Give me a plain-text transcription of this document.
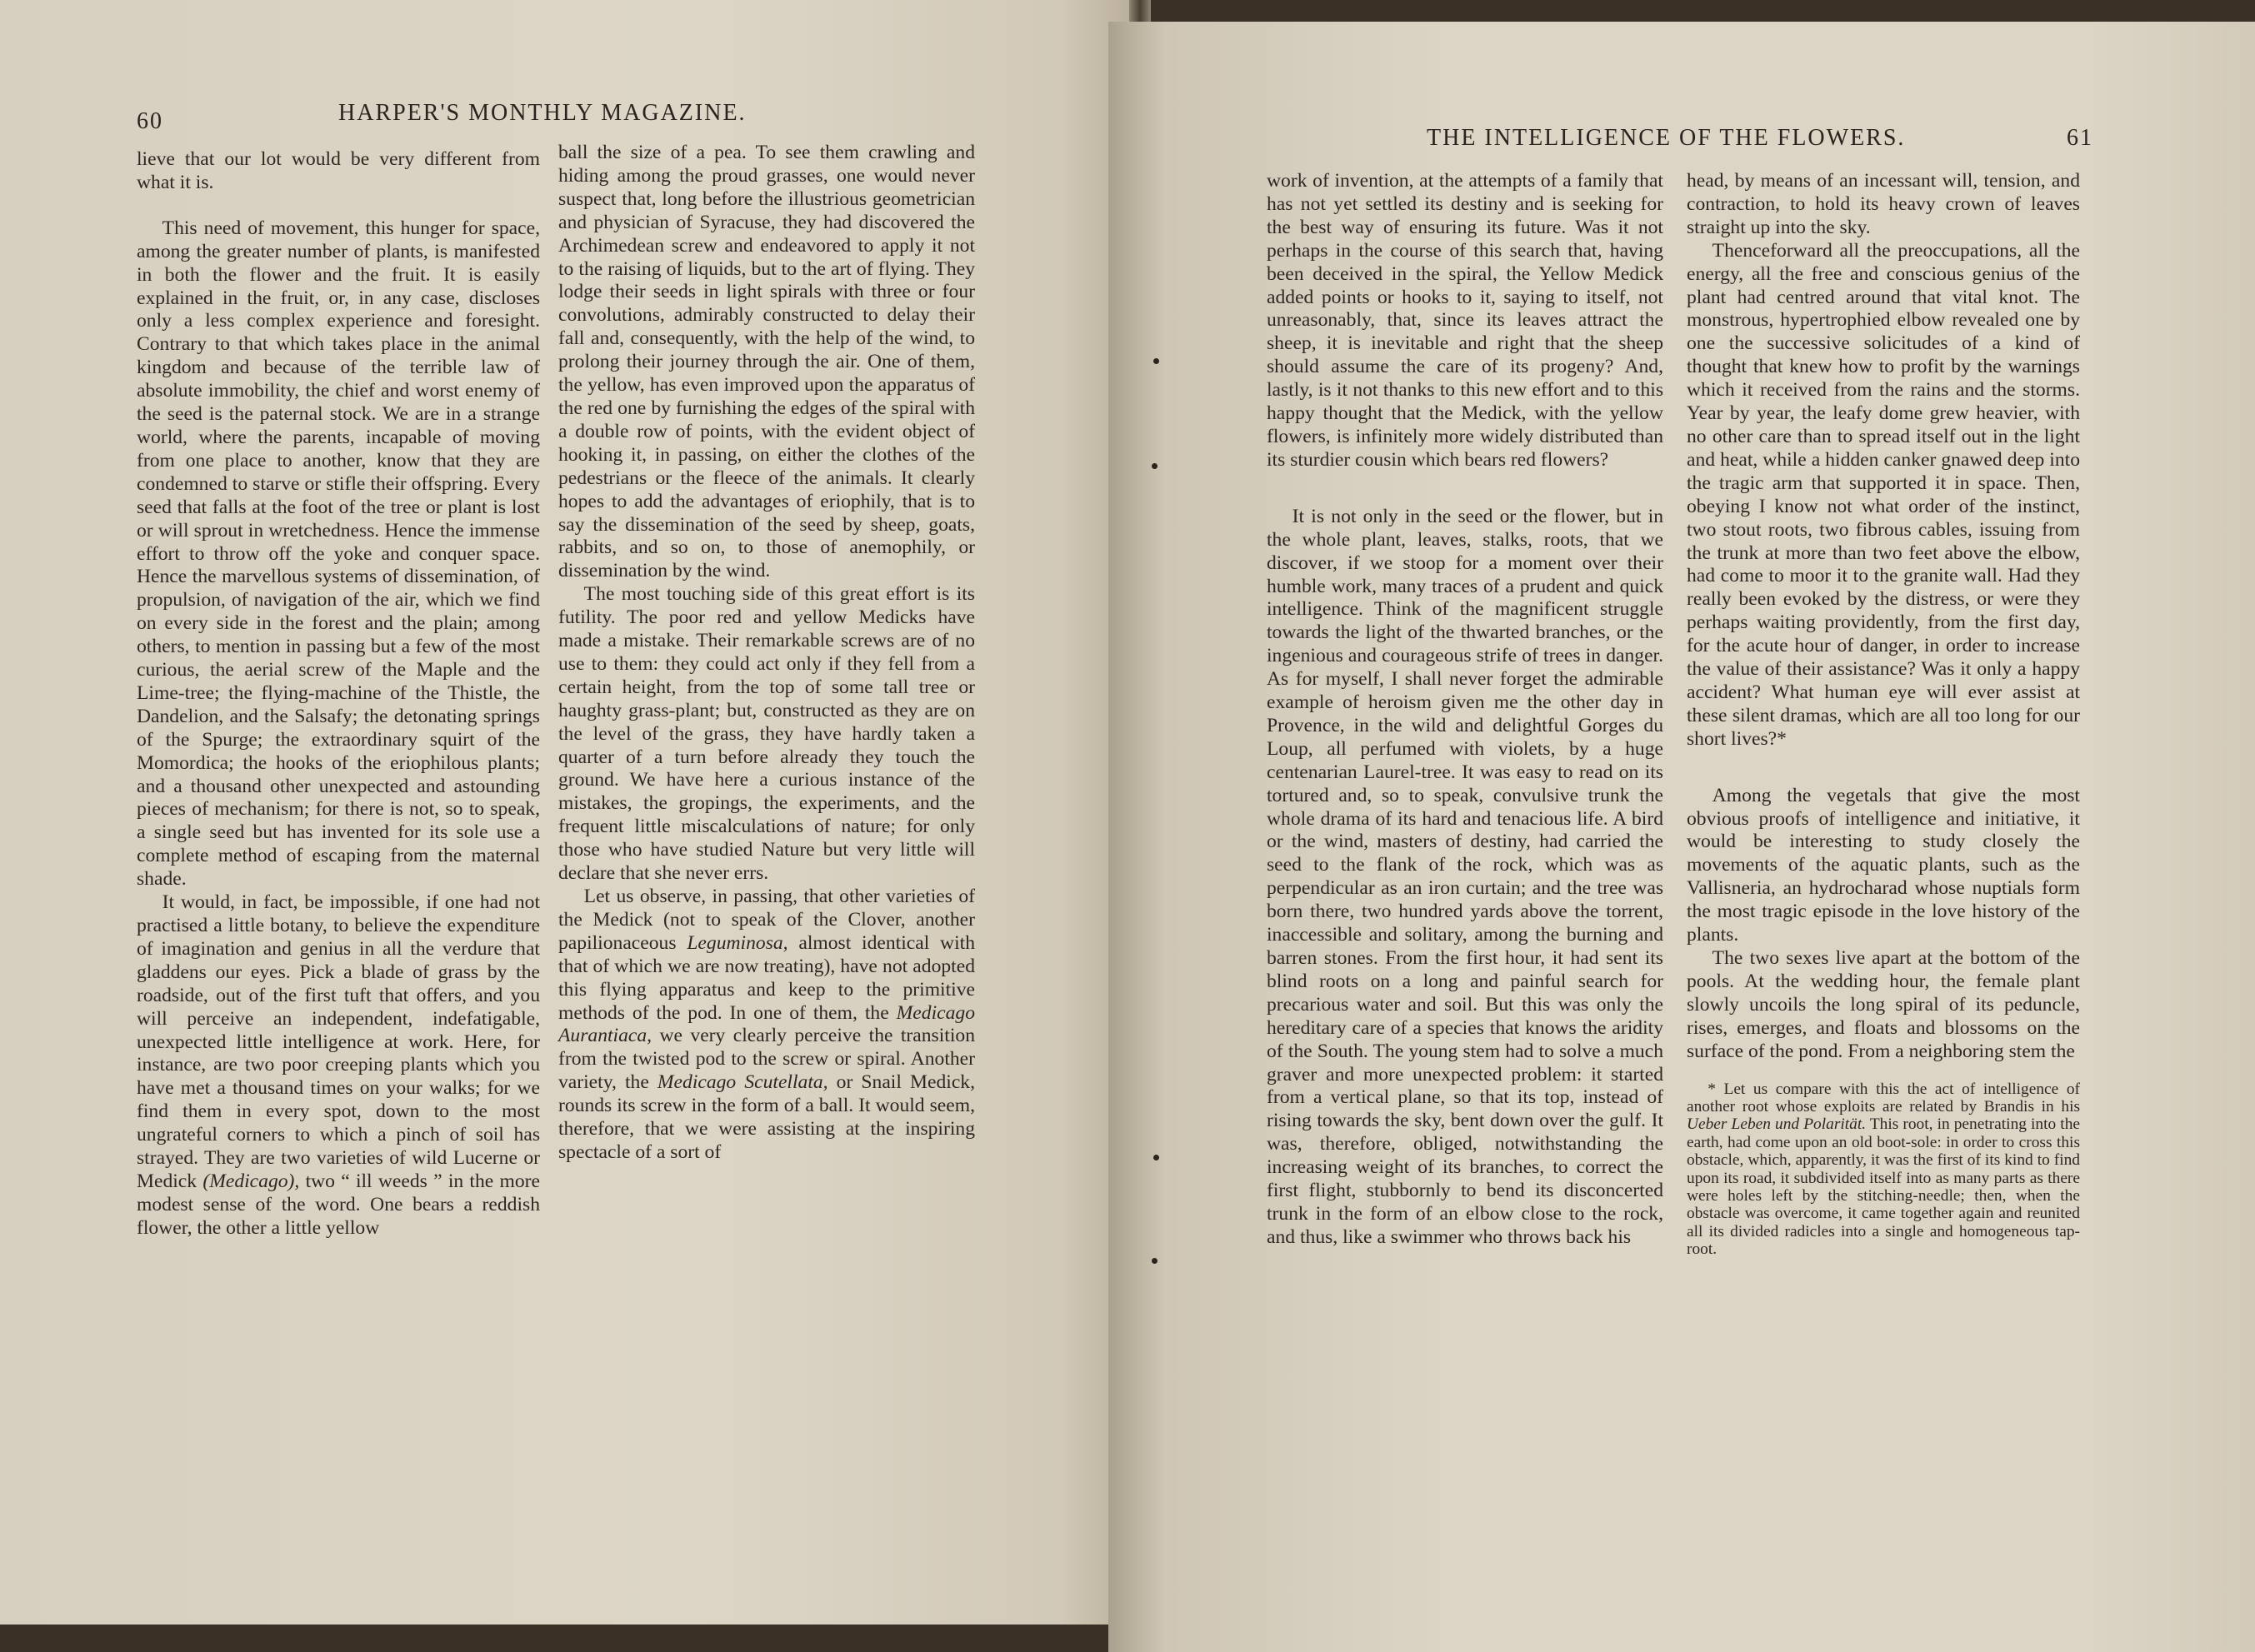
60	HARPER'S MONTHLY MAGAZINE.

lieve that our lot would be very different from what it is.

This need of movement, this hunger for space, among the greater number of plants, is manifested in both the flower and the fruit. It is easily explained in the fruit, or, in any case, discloses only a less complex experience and foresight. Contrary to that which takes place in the animal kingdom and because of the terrible law of absolute immobility, the chief and worst enemy of the seed is the paternal stock. We are in a strange world, where the parents, incapable of moving from one place to another, know that they are condemned to starve or stifle their offspring. Every seed that falls at the foot of the tree or plant is lost or will sprout in wretchedness. Hence the immense effort to throw off the yoke and conquer space. Hence the marvellous systems of dissemination, of propulsion, of navigation of the air, which we find on every side in the forest and the plain; among others, to mention in passing but a few of the most curious, the aerial screw of the Maple and the Lime-tree; the flying-machine of the Thistle, the Dandelion, and the Salsafy; the detonating springs of the Spurge; the extraordinary squirt of the Momordica; the hooks of the eriophilous plants; and a thousand other unexpected and astounding pieces of mechanism; for there is not, so to speak, a single seed but has invented for its sole use a complete method of escaping from the maternal shade.

It would, in fact, be impossible, if one had not practised a little botany, to believe the expenditure of imagination and genius in all the verdure that gladdens our eyes. Pick a blade of grass by the roadside, out of the first tuft that offers, and you will perceive an independent, indefatigable, unexpected little intelligence at work. Here, for instance, are two poor creeping plants which you have met a thousand times on your walks; for we find them in every spot, down to the most ungrateful corners to which a pinch of soil has strayed. They are two varieties of wild Lucerne or Medick (Medicago), two “ ill weeds ” in the more modest sense of the word. One bears a reddish flower, the other a little yellow

ball the size of a pea. To see them crawling and hiding among the proud grasses, one would never suspect that, long before the illustrious geometrician and physician of Syracuse, they had discovered the Archimedean screw and endeavored to apply it not to the raising of liquids, but to the art of flying. They lodge their seeds in light spirals with three or four convolutions, admirably constructed to delay their fall and, consequently, with the help of the wind, to prolong their journey through the air. One of them, the yellow, has even improved upon the apparatus of the red one by furnishing the edges of the spiral with a double row of points, with the evident object of hooking it, in passing, on either the clothes of the pedestrians or the fleece of the animals. It clearly hopes to add the advantages of eriophily, that is to say the dissemination of the seed by sheep, goats, rabbits, and so on, to those of anemophily, or dissemination by the wind.

The most touching side of this great effort is its futility. The poor red and yellow Medicks have made a mistake. Their remarkable screws are of no use to them: they could act only if they fell from a certain height, from the top of some tall tree or haughty grass-plant; but, constructed as they are on the level of the grass, they have hardly taken a quarter of a turn before already they touch the ground. We have here a curious instance of the mistakes, the gropings, the experiments, and the frequent little miscalculations of nature; for only those who have studied Nature but very little will declare that she never errs.

Let us observe, in passing, that other varieties of the Medick (not to speak of the Clover, another papilionaceous Leguminosa, almost identical with that of which we are now treating), have not adopted this flying apparatus and keep to the primitive methods of the pod. In one of them, the Medicago Aurantiaca, we very clearly perceive the transition from the twisted pod to the screw or spiral. Another variety, the Medicago Scutellata, or Snail Medick, rounds its screw in the form of a ball. It would seem, therefore, that we were assisting at the inspiring spectacle of a sort of

THE INTELLIGENCE OF THE FLOWERS.	61

work of invention, at the attempts of a family that has not yet settled its destiny and is seeking for the best way of ensuring its future. Was it not perhaps in the course of this search that, having been deceived in the spiral, the Yellow Medick added points or hooks to it, saying to itself, not unreasonably, that, since its leaves attract the sheep, it is inevitable and right that the sheep should assume the care of its progeny? And, lastly, is it not thanks to this new effort and to this happy thought that the Medick, with the yellow flowers, is infinitely more widely distributed than its sturdier cousin which bears red flowers?

It is not only in the seed or the flower, but in the whole plant, leaves, stalks, roots, that we discover, if we stoop for a moment over their humble work, many traces of a prudent and quick intelligence. Think of the magnificent struggle towards the light of the thwarted branches, or the ingenious and courageous strife of trees in danger. As for myself, I shall never forget the admirable example of heroism given me the other day in Provence, in the wild and delightful Gorges du Loup, all perfumed with violets, by a huge centenarian Laurel-tree. It was easy to read on its tortured and, so to speak, convulsive trunk the whole drama of its hard and tenacious life. A bird or the wind, masters of destiny, had carried the seed to the flank of the rock, which was as perpendicular as an iron curtain; and the tree was born there, two hundred yards above the torrent, inaccessible and solitary, among the burning and barren stones. From the first hour, it had sent its blind roots on a long and painful search for precarious water and soil. But this was only the hereditary care of a species that knows the aridity of the South. The young stem had to solve a much graver and more unexpected problem: it started from a vertical plane, so that its top, instead of rising towards the sky, bent down over the gulf. It was, therefore, obliged, notwithstanding the increasing weight of its branches, to correct the first flight, stubbornly to bend its disconcerted trunk in the form of an elbow close to the rock, and thus, like a swimmer who throws back his

head, by means of an incessant will, tension, and contraction, to hold its heavy crown of leaves straight up into the sky.

Thenceforward all the preoccupations, all the energy, all the free and conscious genius of the plant had centred around that vital knot. The monstrous, hypertrophied elbow revealed one by one the successive solicitudes of a kind of thought that knew how to profit by the warnings which it received from the rains and the storms. Year by year, the leafy dome grew heavier, with no other care than to spread itself out in the light and heat, while a hidden canker gnawed deep into the tragic arm that supported it in space. Then, obeying I know not what order of the instinct, two stout roots, two fibrous cables, issuing from the trunk at more than two feet above the elbow, had come to moor it to the granite wall. Had they really been evoked by the distress, or were they perhaps waiting providently, from the first day, for the acute hour of danger, in order to increase the value of their assistance? Was it only a happy accident? What human eye will ever assist at these silent dramas, which are all too long for our short lives?*

Among the vegetals that give the most obvious proofs of intelligence and initiative, it would be interesting to study closely the movements of the aquatic plants, such as the Vallisneria, an hydrocharad whose nuptials form the most tragic episode in the love history of the plants.

The two sexes live apart at the bottom of the pools. At the wedding hour, the female plant slowly uncoils the long spiral of its peduncle, rises, emerges, and floats and blossoms on the surface of the pond. From a neighboring stem the

* Let us compare with this the act of intelligence of another root whose exploits are related by Brandis in his Ueber Leben und Polarität. This root, in penetrating into the earth, had come upon an old boot-sole: in order to cross this obstacle, which, apparently, it was the first of its kind to find upon its road, it subdivided itself into as many parts as there were holes left by the stitching-needle; then, when the obstacle was overcome, it came together again and reunited all its divided radicles into a single and homogeneous tap-root.
